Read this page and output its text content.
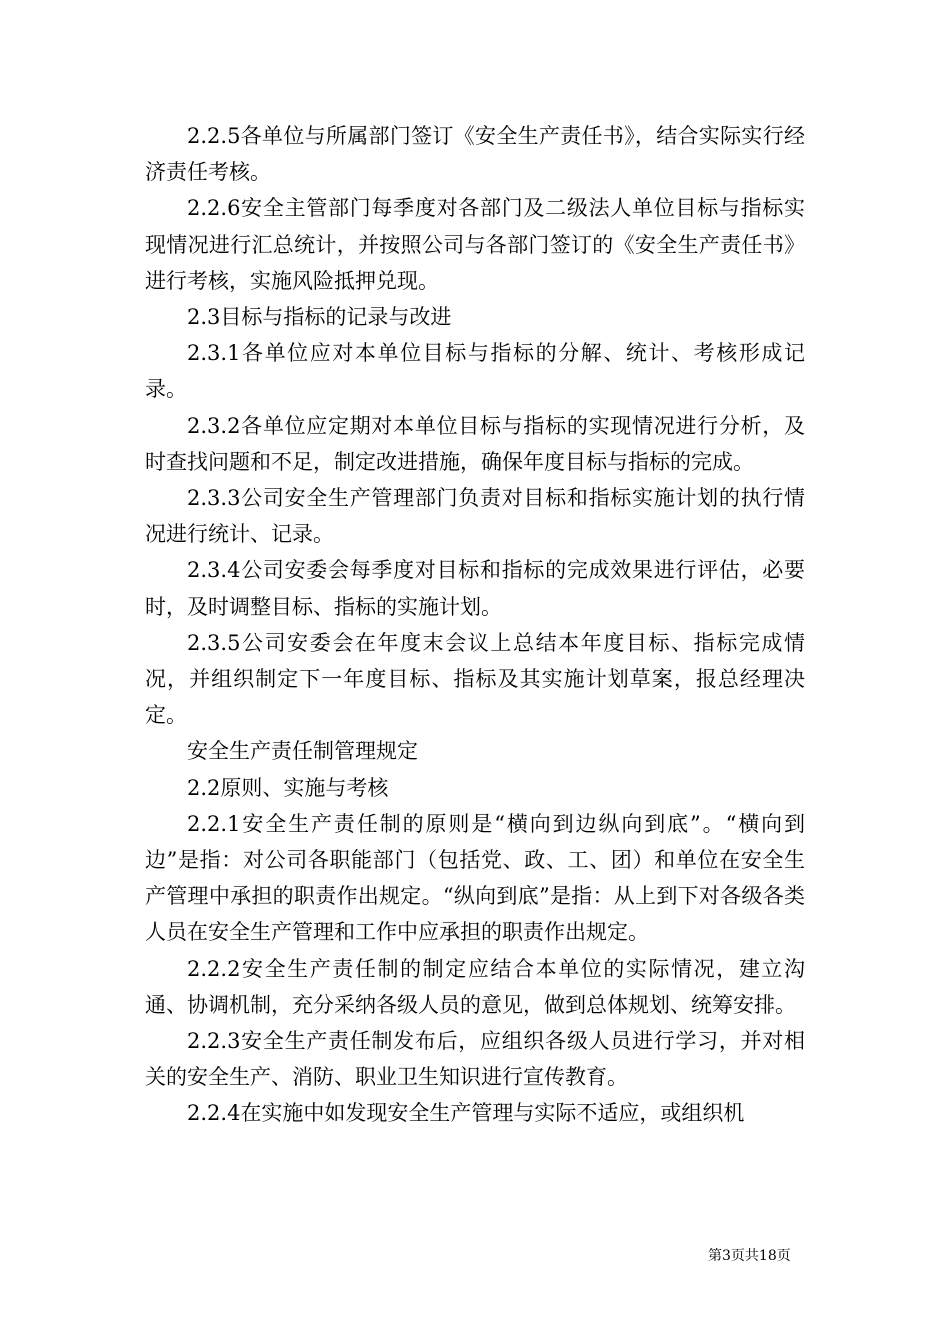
2.2.5各单位与所属部门签订《安全生产责任书》，结合实际实行经济责任考核。

2.2.6安全主管部门每季度对各部门及二级法人单位目标与指标实现情况进行汇总统计，并按照公司与各部门签订的《安全生产责任书》进行考核，实施风险抵押兑现。

2.3目标与指标的记录与改进

2.3.1各单位应对本单位目标与指标的分解、统计、考核形成记录。

2.3.2各单位应定期对本单位目标与指标的实现情况进行分析，及时查找问题和不足，制定改进措施，确保年度目标与指标的完成。

2.3.3公司安全生产管理部门负责对目标和指标实施计划的执行情况进行统计、记录。

2.3.4公司安委会每季度对目标和指标的完成效果进行评估，必要时，及时调整目标、指标的实施计划。

2.3.5公司安委会在年度末会议上总结本年度目标、指标完成情况，并组织制定下一年度目标、指标及其实施计划草案，报总经理决定。

安全生产责任制管理规定

2.2原则、实施与考核

2.2.1安全生产责任制的原则是“横向到边纵向到底”。“横向到边”是指：对公司各职能部门（包括党、政、工、团）和单位在安全生产管理中承担的职责作出规定。“纵向到底”是指：从上到下对各级各类人员在安全生产管理和工作中应承担的职责作出规定。

2.2.2安全生产责任制的制定应结合本单位的实际情况，建立沟通、协调机制，充分采纳各级人员的意见，做到总体规划、统筹安排。

2.2.3安全生产责任制发布后，应组织各级人员进行学习，并对相关的安全生产、消防、职业卫生知识进行宣传教育。

2.2.4在实施中如发现安全生产管理与实际不适应，或组织机

第3页共18页
